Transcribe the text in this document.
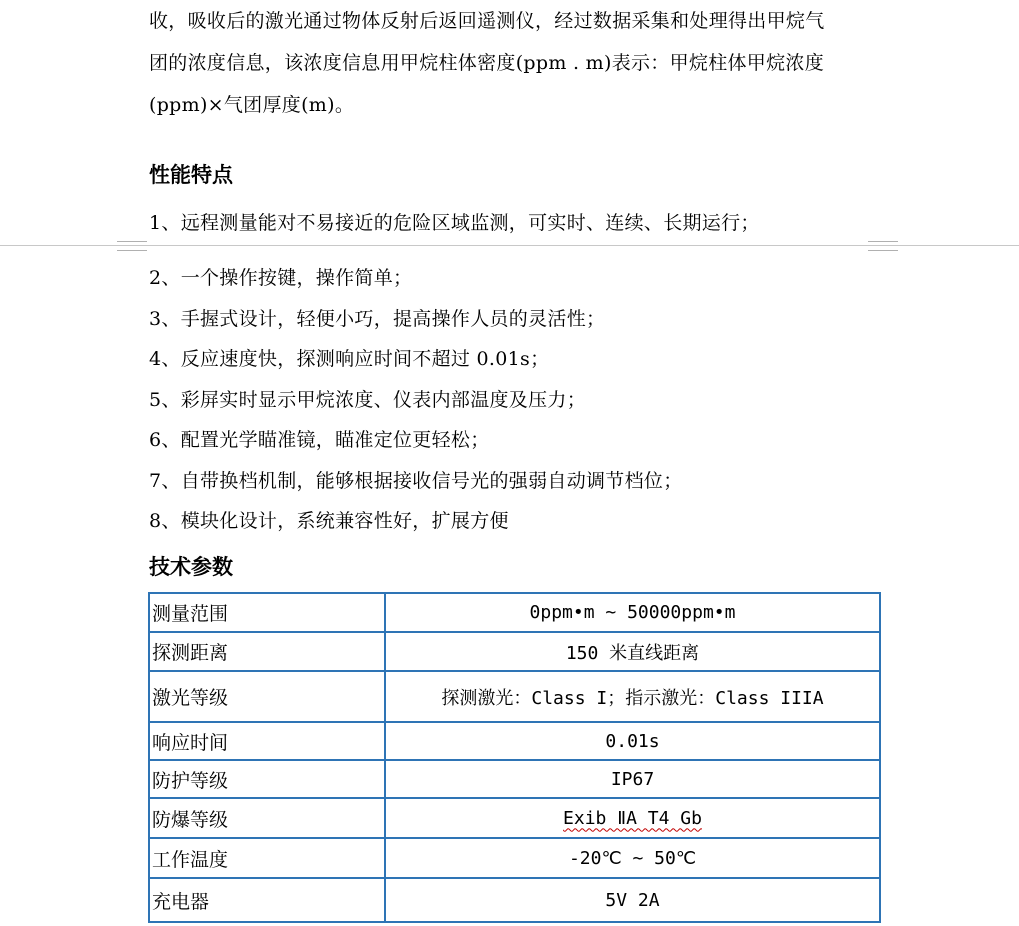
收，吸收后的激光通过物体反射后返回遥测仪，经过数据采集和处理得出甲烷气
团的浓度信息，该浓度信息用甲烷柱体密度(ppm . m)表示：甲烷柱体甲烷浓度
(ppm)×气团厚度(m)。
性能特点
1、远程测量能对不易接近的危险区域监测，可实时、连续、长期运行；
2、一个操作按键，操作简单；
3、手握式设计，轻便小巧，提高操作人员的灵活性；
4、反应速度快，探测响应时间不超过 0.01s；
5、彩屏实时显示甲烷浓度、仪表内部温度及压力；
6、配置光学瞄准镜，瞄准定位更轻松；
7、自带换档机制，能够根据接收信号光的强弱自动调节档位；
8、模块化设计，系统兼容性好，扩展方便
技术参数
测量范围	0ppm•m ~ 50000ppm•m
探测距离	150 米直线距离
激光等级	探测激光：Class I；指示激光：Class IIIA
响应时间	0.01s
防护等级	IP67
防爆等级	Exib ⅡA T4 Gb
工作温度	-20℃ ~ 50℃
充电器	5V 2A
